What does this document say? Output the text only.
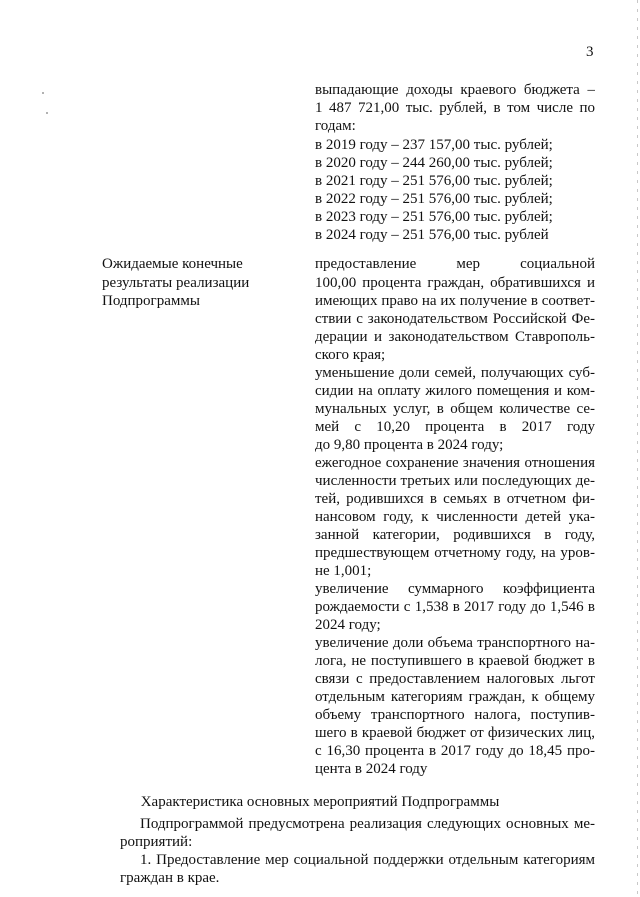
3
выпадающие доходы краевого бюджета –
1 487 721,00 тыс. рублей, в том числе по
годам:
в 2019 году – 237 157,00 тыс. рублей;
в 2020 году – 244 260,00 тыс. рублей;
в 2021 году – 251 576,00 тыс. рублей;
в 2022 году – 251 576,00 тыс. рублей;
в 2023 году – 251 576,00 тыс. рублей;
в 2024 году – 251 576,00 тыс. рублей
Ожидаемые конечные
результаты реализации
Подпрограммы
предоставление мер социальной
100,00 процента граждан, обратившихся и
имеющих право на их получение в соответ-
ствии с законодательством Российской Фе-
дерации и законодательством Ставрополь-
ского края;
уменьшение доли семей, получающих суб-
сидии на оплату жилого помещения и ком-
мунальных услуг, в общем количестве се-
мей с 10,20 процента в 2017 году
до 9,80 процента в 2024 году;
ежегодное сохранение значения отношения
численности третьих или последующих де-
тей, родившихся в семьях в отчетном фи-
нансовом году, к численности детей ука-
занной категории, родившихся в году,
предшествующем отчетному году, на уров-
не 1,001;
увеличение суммарного коэффициента
рождаемости с 1,538 в 2017 году до 1,546 в
2024 году;
увеличение доли объема транспортного на-
лога, не поступившего в краевой бюджет в
связи с предоставлением налоговых льгот
отдельным категориям граждан, к общему
объему транспортного налога, поступив-
шего в краевой бюджет от физических лиц,
с 16,30 процента в 2017 году до 18,45 про-
цента в 2024 году
Характеристика основных мероприятий Подпрограммы
Подпрограммой предусмотрена реализация следующих основных ме-
роприятий:
1. Предоставление мер социальной поддержки отдельным категориям
граждан в крае.
